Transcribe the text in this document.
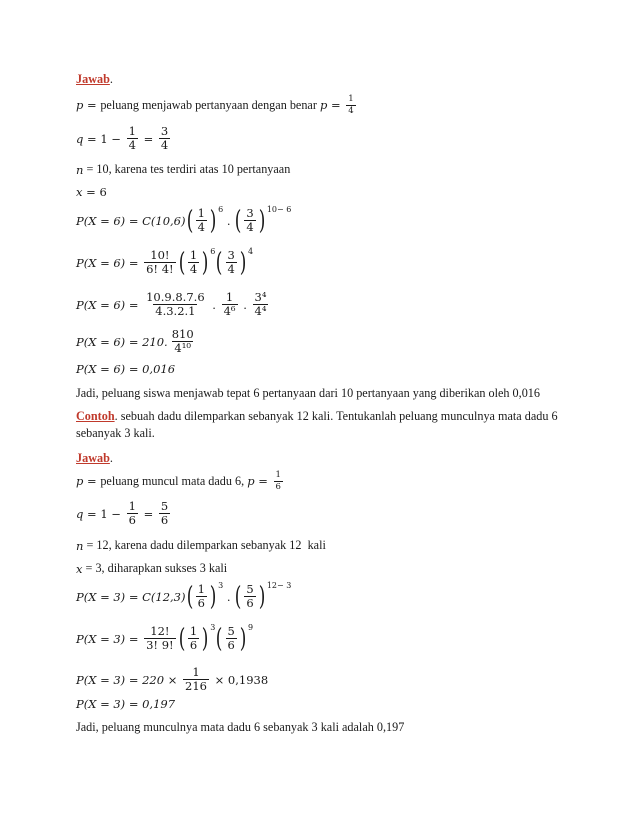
Jawab .
p = peluang menjawab pertanyaan dengan benar $p = \frac{1}{4}$
$q = 1 - \frac{1}{4} = \frac{3}{4}$
n = 10, karena tes terdiri atas 10 pertanyaan
x = 6
P(X = 6) = C(10,6) ( $\frac{1}{4}$ ) 6
. ( $\frac{3}{4}$ ) 10− 6
$P(X = 6) = \frac{10!}{6! 4!}$ ( $\frac{1}{4}$ ) 6 ( $\frac{3}{4}$ ) 4
$P(X = 6) = \frac{10.9.8.7.6}{4.3.2.1}$ . $\frac{1}{\text{4⁶}}$ . $\frac{\text{3⁴}}{\text{4⁴}}$
P(X = 6) = 210. $\frac{810}{\text{4¹⁰}}$
P(X = 6) = 0,016
Jadi, peluang siswa menjawab tepat 6 pertanyaan dari 10 pertanyaan yang diberikan oleh 0,016
Contoh . sebuah dadu dilemparkan sebanyak 12 kali. Tentukanlah peluang munculnya mata dadu 6
sebanyak 3 kali.
Jawab .
p = peluang muncul mata dadu 6, $p = \frac{1}{6}$
$q = 1 - \frac{1}{6} = \frac{5}{6}$
n = 12, karena dadu dilemparkan sebanyak 12  kali
x = 3, diharapkan sukses 3 kali
P(X = 3) = C(12,3) ( $\frac{1}{6}$ ) 3
. ( $\frac{5}{6}$ ) 12− 3
$P(X = 3) = \frac{12!}{3! 9!}$ ( $\frac{1}{6}$ ) 3 ( $\frac{5}{6}$ ) 9
$P(X = 3) = 220 \times \frac{1}{216} \times 0,1938$
P(X = 3) = 0,197
Jadi, peluang munculnya mata dadu 6 sebanyak 3 kali adalah 0,197
